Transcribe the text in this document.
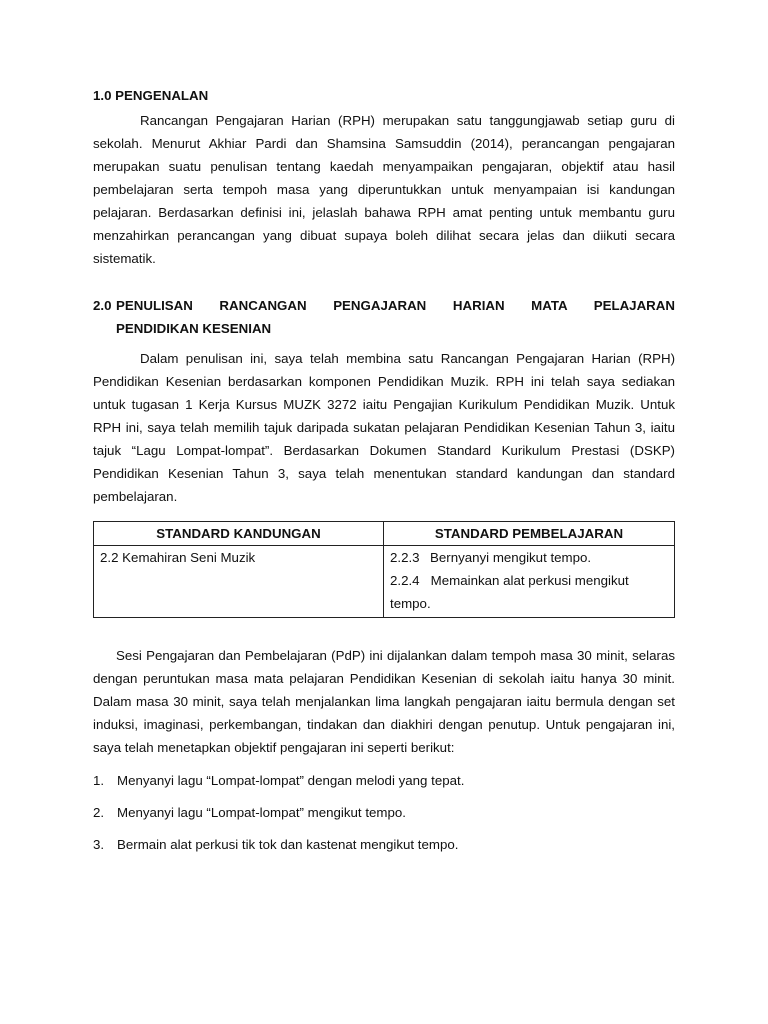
1.0 PENGENALAN

Rancangan Pengajaran Harian (RPH) merupakan satu tanggungjawab setiap guru di sekolah. Menurut Akhiar Pardi dan Shamsina Samsuddin (2014), perancangan pengajaran merupakan suatu penulisan tentang kaedah menyampaikan pengajaran, objektif atau hasil pembelajaran serta tempoh masa yang diperuntukkan untuk menyampaian isi kandungan pelajaran. Berdasarkan definisi ini, jelaslah bahawa RPH amat penting untuk membantu guru menzahirkan perancangan yang dibuat supaya boleh dilihat secara jelas dan diikuti secara sistematik.

2.0 PENULISAN RANCANGAN PENGAJARAN HARIAN MATA PELAJARAN
PENDIDIKAN KESENIAN

Dalam penulisan ini, saya telah membina satu Rancangan Pengajaran Harian (RPH) Pendidikan Kesenian berdasarkan komponen Pendidikan Muzik. RPH ini telah saya sediakan untuk tugasan 1 Kerja Kursus MUZK 3272 iaitu Pengajian Kurikulum Pendidikan Muzik. Untuk RPH ini, saya telah memilih tajuk daripada sukatan pelajaran Pendidikan Kesenian Tahun 3, iaitu tajuk “Lagu Lompat-lompat”. Berdasarkan Dokumen Standard Kurikulum Prestasi (DSKP) Pendidikan Kesenian Tahun 3, saya telah menentukan standard kandungan dan standard pembelajaran.

STANDARD KANDUNGAN	STANDARD PEMBELAJARAN
2.2 Kemahiran Seni Muzik	2.2.3 Bernyanyi mengikut tempo.
2.2.4 Memainkan alat perkusi mengikut tempo.

Sesi Pengajaran dan Pembelajaran (PdP) ini dijalankan dalam tempoh masa 30 minit, selaras dengan peruntukan masa mata pelajaran Pendidikan Kesenian di sekolah iaitu hanya 30 minit. Dalam masa 30 minit, saya telah menjalankan lima langkah pengajaran iaitu bermula dengan set induksi, imaginasi, perkembangan, tindakan dan diakhiri dengan penutup. Untuk pengajaran ini, saya telah menetapkan objektif pengajaran ini seperti berikut:

1. Menyanyi lagu “Lompat-lompat” dengan melodi yang tepat.
2. Menyanyi lagu “Lompat-lompat” mengikut tempo.
3. Bermain alat perkusi tik tok dan kastenat mengikut tempo.
